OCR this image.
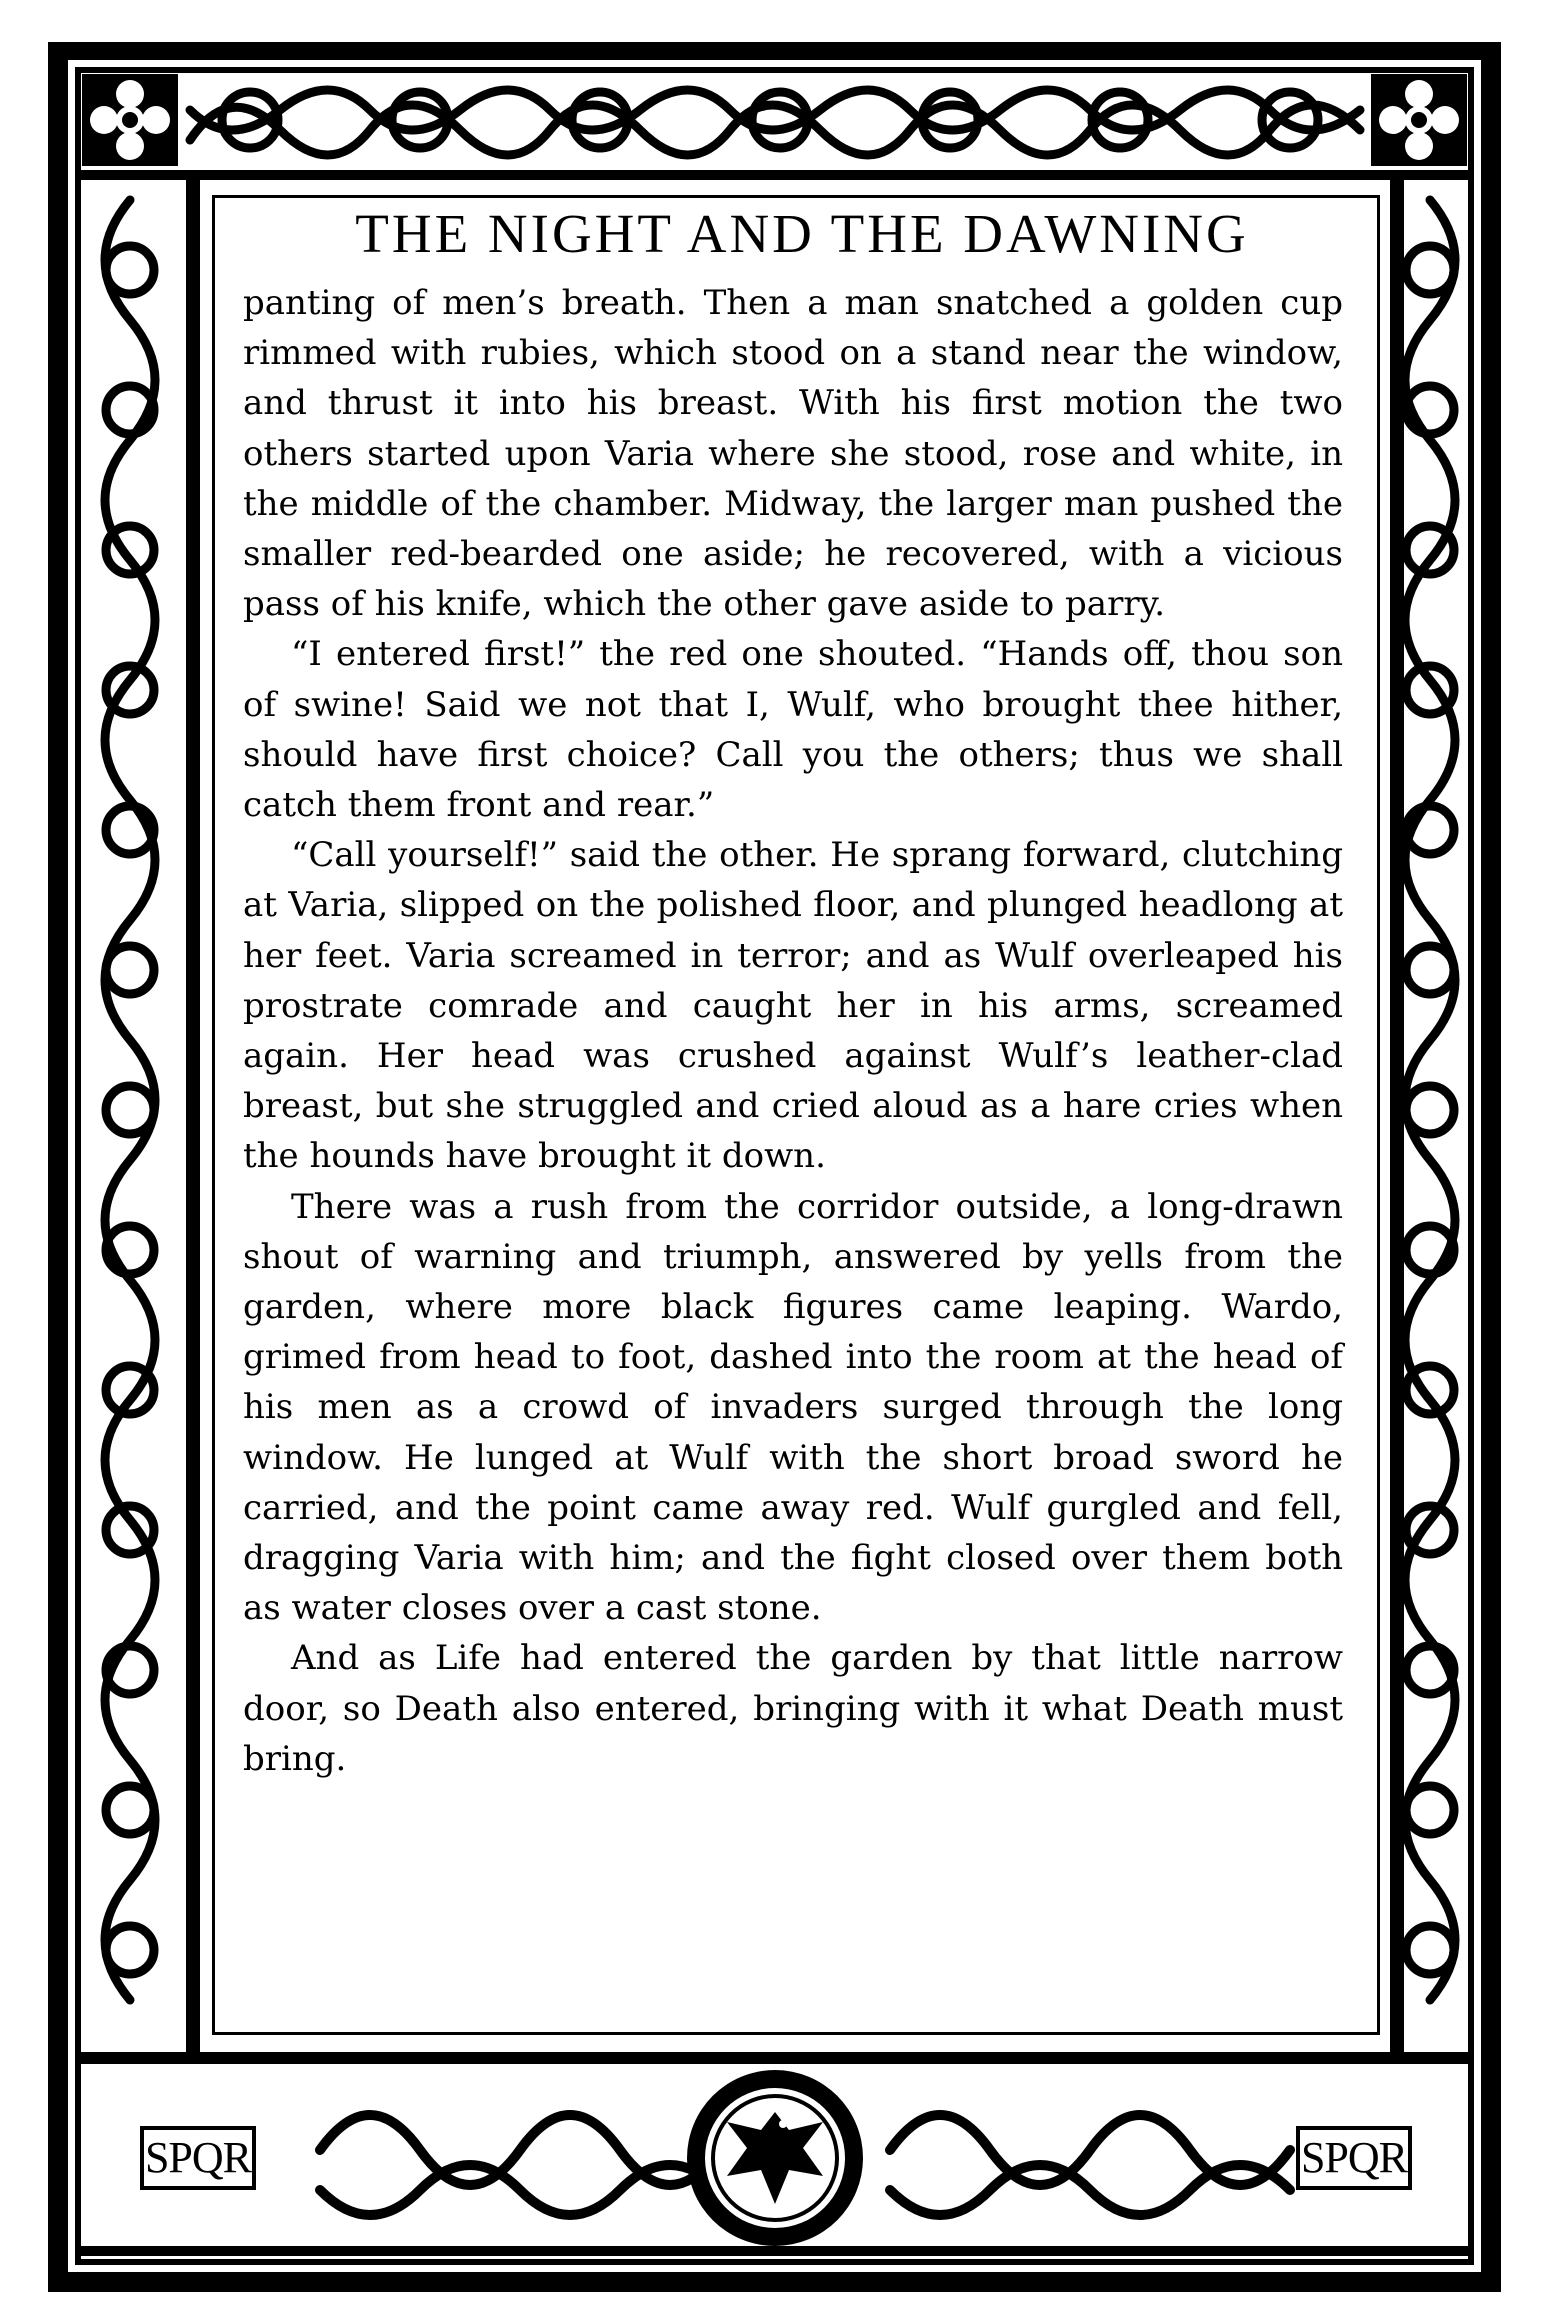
THE NIGHT AND THE DAWNING

panting of men’s breath. Then a man snatched a golden cup rimmed with rubies, which stood on a stand near the window, and thrust it into his breast. With his first motion the two others started upon Varia where she stood, rose and white, in the middle of the chamber. Midway, the larger man pushed the smaller red-bearded one aside; he recovered, with a vicious pass of his knife, which the other gave aside to parry.

“I entered first!” the red one shouted. “Hands off, thou son of swine! Said we not that I, Wulf, who brought thee hither, should have first choice? Call you the others; thus we shall catch them front and rear.”

“Call yourself!” said the other. He sprang forward, clutching at Varia, slipped on the polished floor, and plunged headlong at her feet. Varia screamed in terror; and as Wulf overleaped his prostrate comrade and caught her in his arms, screamed again. Her head was crushed against Wulf’s leather-clad breast, but she struggled and cried aloud as a hare cries when the hounds have brought it down.

There was a rush from the corridor outside, a long-drawn shout of warning and triumph, answered by yells from the garden, where more black figures came leaping. Wardo, grimed from head to foot, dashed into the room at the head of his men as a crowd of invaders surged through the long window. He lunged at Wulf with the short broad sword he carried, and the point came away red. Wulf gurgled and fell, dragging Varia with him; and the fight closed over them both as water closes over a cast stone.

And as Life had entered the garden by that little narrow door, so Death also entered, bringing with it what Death must bring.

SPQR	SPQR
